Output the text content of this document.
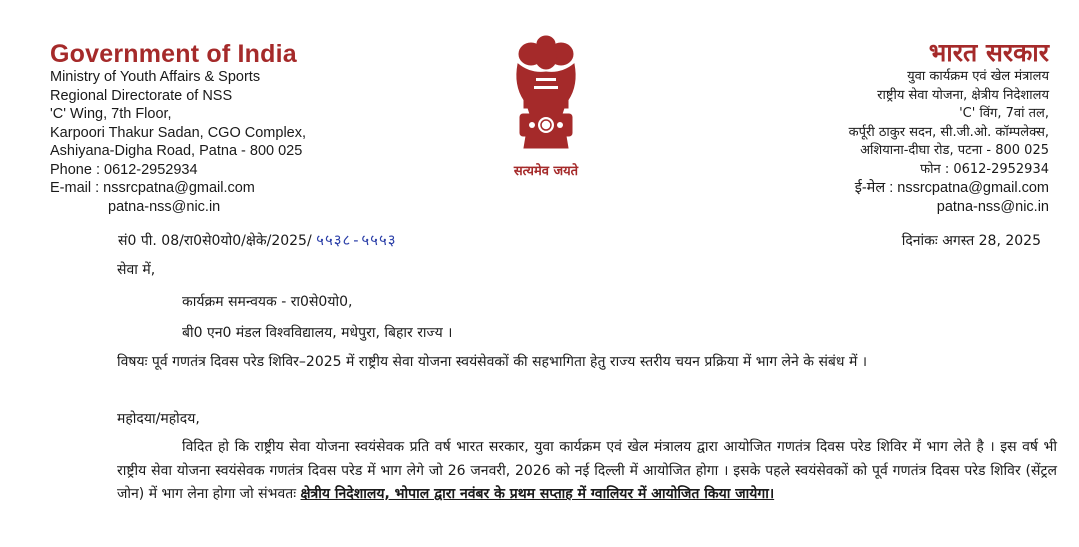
Government of India
Ministry of Youth Affairs & Sports
Regional Directorate of NSS
'C' Wing, 7th Floor,
Karpoori Thakur Sadan, CGO Complex,
Ashiyana-Digha Road, Patna - 800 025
Phone : 0612-2952934
E-mail : nssrcpatna@gmail.com
patna-nss@nic.in
सत्यमेव जयते
भारत सरकार
युवा कार्यक्रम एवं खेल मंत्रालय
राष्ट्रीय सेवा योजना, क्षेत्रीय निदेशालय
'C' विंग, 7वां तल,
कर्पूरी ठाकुर सदन, सी.जी.ओ. कॉम्पलेक्स,
अशियाना-दीघा रोड, पटना - 800 025
फोन : 0612-2952934
ई-मेल : nssrcpatna@gmail.com
patna-nss@nic.in
सं0 पी. 08/रा0से0यो0/क्षेके/2025/ ५५३८-५५५३	दिनांकः अगस्त 28, 2025
सेवा में,
कार्यक्रम समन्वयक - रा0से0यो0,
बी0 एन0 मंडल विश्वविद्यालय, मधेपुरा, बिहार राज्य ।
विषयः पूर्व गणतंत्र दिवस परेड शिविर–2025 में राष्ट्रीय सेवा योजना स्वयंसेवकों की सहभागिता हेतु राज्य स्तरीय चयन प्रक्रिया में भाग लेने के संबंध में ।
महोदया/महोदय,
विदित हो कि राष्ट्रीय सेवा योजना स्वयंसेवक प्रति वर्ष भारत सरकार, युवा कार्यक्रम एवं खेल मंत्रालय द्वारा आयोजित गणतंत्र दिवस परेड शिविर में भाग लेते है । इस वर्ष भी राष्ट्रीय सेवा योजना स्वयंसेवक गणतंत्र दिवस परेड में भाग लेगे जो 26 जनवरी, 2026 को नई दिल्ली में आयोजित होगा । इसके पहले स्वयंसेवकों को पूर्व गणतंत्र दिवस परेड शिविर (सेंट्रल जोन) में भाग लेना होगा जो संभवतः क्षेत्रीय निदेशालय, भोपाल द्वारा नवंबर के प्रथम सप्ताह में ग्वालियर में आयोजित किया जायेगा।
